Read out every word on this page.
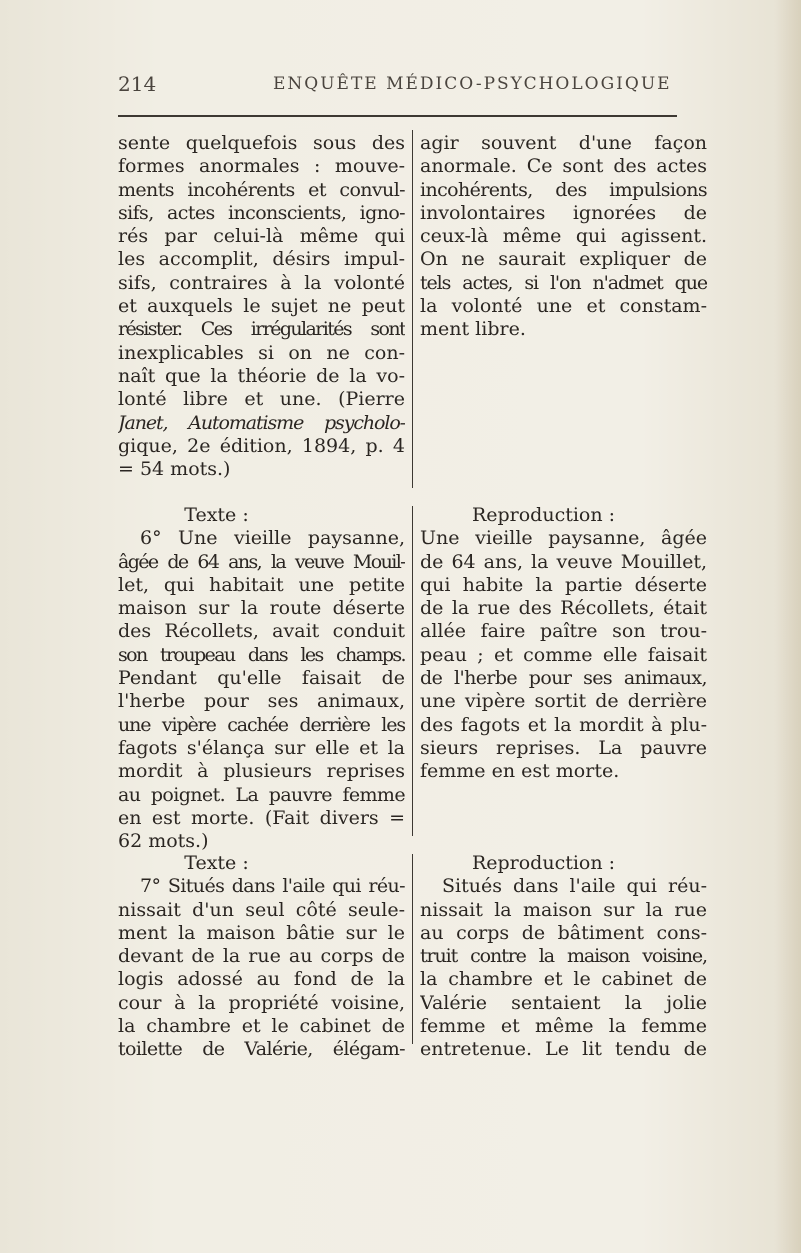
214	ENQUÊTE MÉDICO-PSYCHOLOGIQUE
sente quelquefois sous des
formes anormales : mouve-
ments incohérents et convul-
sifs, actes inconscients, igno-
rés par celui-là même qui
les accomplit, désirs impul-
sifs, contraires à la volonté
et auxquels le sujet ne peut
résister. Ces irrégularités sont
inexplicables si on ne con-
naît que la théorie de la vo-
lonté libre et une. (Pierre
Janet, Automatisme psycholo-
gique, 2e édition, 1894, p. 4
= 54 mots.)
agir souvent d'une façon
anormale. Ce sont des actes
incohérents, des impulsions
involontaires ignorées de
ceux-là même qui agissent.
On ne saurait expliquer de
tels actes, si l'on n'admet que
la volonté une et constam-
ment libre.
Texte :
6° Une vieille paysanne,
âgée de 64 ans, la veuve Mouil-
let, qui habitait une petite
maison sur la route déserte
des Récollets, avait conduit
son troupeau dans les champs.
Pendant qu'elle faisait de
l'herbe pour ses animaux,
une vipère cachée derrière les
fagots s'élança sur elle et la
mordit à plusieurs reprises
au poignet. La pauvre femme
en est morte. (Fait divers =
62 mots.)
Reproduction :
Une vieille paysanne, âgée
de 64 ans, la veuve Mouillet,
qui habite la partie déserte
de la rue des Récollets, était
allée faire paître son trou-
peau ; et comme elle faisait
de l'herbe pour ses animaux,
une vipère sortit de derrière
des fagots et la mordit à plu-
sieurs reprises. La pauvre
femme en est morte.
Texte :
7° Situés dans l'aile qui réu-
nissait d'un seul côté seule-
ment la maison bâtie sur le
devant de la rue au corps de
logis adossé au fond de la
cour à la propriété voisine,
la chambre et le cabinet de
toilette de Valérie, élégam-
Reproduction :
Situés dans l'aile qui réu-
nissait la maison sur la rue
au corps de bâtiment cons-
truit contre la maison voisine,
la chambre et le cabinet de
Valérie sentaient la jolie
femme et même la femme
entretenue. Le lit tendu de
